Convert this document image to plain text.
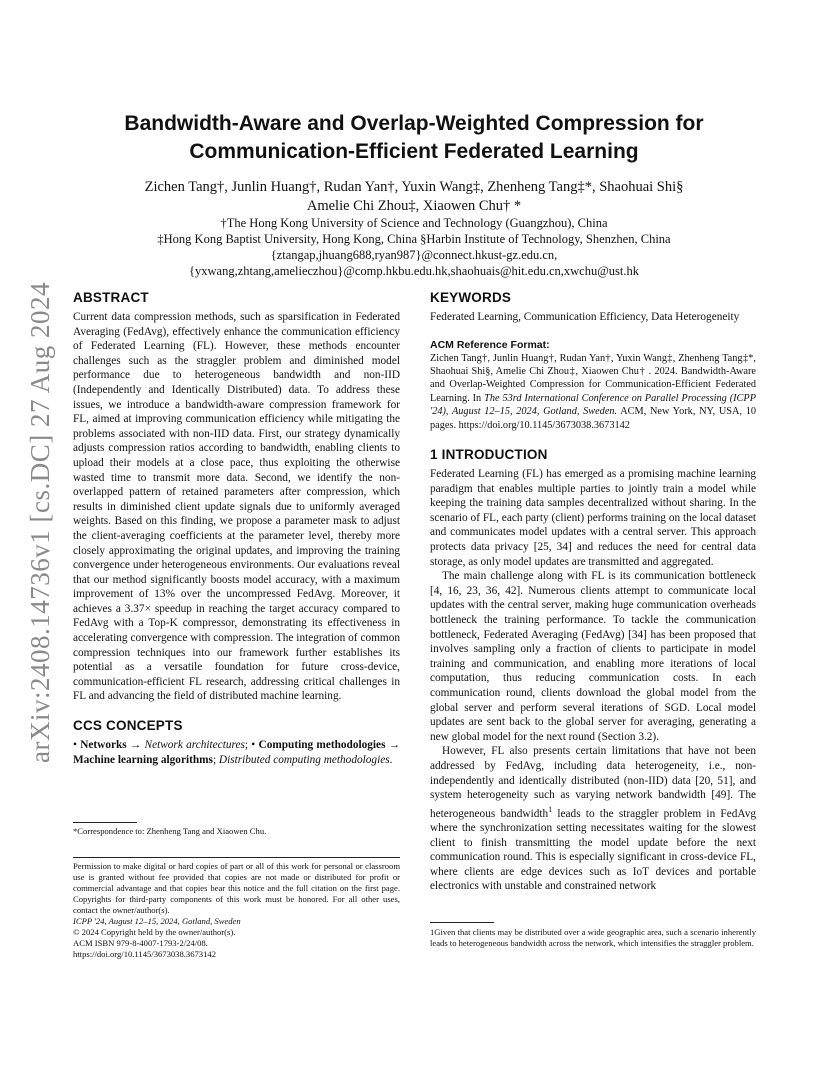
arXiv:2408.14736v1 [cs.DC] 27 Aug 2024
Bandwidth-Aware and Overlap-Weighted Compression for
Communication-Efficient Federated Learning
Zichen Tang†, Junlin Huang†, Rudan Yan†, Yuxin Wang‡, Zhenheng Tang‡*, Shaohuai Shi§
Amelie Chi Zhou‡, Xiaowen Chu† *
†The Hong Kong University of Science and Technology (Guangzhou), China
‡Hong Kong Baptist University, Hong Kong, China §Harbin Institute of Technology, Shenzhen, China
{ztangap,jhuang688,ryan987}@connect.hkust-gz.edu.cn,
{yxwang,zhtang,amelieczhou}@comp.hkbu.edu.hk,shaohuais@hit.edu.cn,xwchu@ust.hk
ABSTRACT

Current data compression methods, such as sparsification in Federated Averaging (FedAvg), effectively enhance the communication efficiency of Federated Learning (FL). However, these methods encounter challenges such as the straggler problem and diminished model performance due to heterogeneous bandwidth and non-IID (Independently and Identically Distributed) data. To address these issues, we introduce a bandwidth-aware compression framework for FL, aimed at improving communication efficiency while mitigating the problems associated with non-IID data. First, our strategy dynamically adjusts compression ratios according to bandwidth, enabling clients to upload their models at a close pace, thus exploiting the otherwise wasted time to transmit more data. Second, we identify the non-overlapped pattern of retained parameters after compression, which results in diminished client update signals due to uniformly averaged weights. Based on this finding, we propose a parameter mask to adjust the client-averaging coefficients at the parameter level, thereby more closely approximating the original updates, and improving the training convergence under heterogeneous environments. Our evaluations reveal that our method significantly boosts model accuracy, with a maximum improvement of 13% over the uncompressed FedAvg. Moreover, it achieves a 3.37× speedup in reaching the target accuracy compared to FedAvg with a Top-K compressor, demonstrating its effectiveness in accelerating convergence with compression. The integration of common compression techniques into our framework further establishes its potential as a versatile foundation for future cross-device, communication-efficient FL research, addressing critical challenges in FL and advancing the field of distributed machine learning.

CCS CONCEPTS

• Networks → Network architectures; • Computing methodologies → Machine learning algorithms; Distributed computing methodologies.

*Correspondence to: Zhenheng Tang and Xiaowen Chu.
Permission to make digital or hard copies of part or all of this work for personal or classroom use is granted without fee provided that copies are not made or distributed for profit or commercial advantage and that copies bear this notice and the full citation on the first page. Copyrights for third-party components of this work must be honored. For all other uses, contact the owner/author(s).
ICPP '24, August 12–15, 2024, Gotland, Sweden
© 2024 Copyright held by the owner/author(s).
ACM ISBN 979-8-4007-1793-2/24/08.
https://doi.org/10.1145/3673038.3673142
KEYWORDS

Federated Learning, Communication Efficiency, Data Heterogeneity

ACM Reference Format:

Zichen Tang†, Junlin Huang†, Rudan Yan†, Yuxin Wang‡, Zhenheng Tang‡*, Shaohuai Shi§, Amelie Chi Zhou‡, Xiaowen Chu† . 2024. Bandwidth-Aware and Overlap-Weighted Compression for Communication-Efficient Federated Learning. In The 53rd International Conference on Parallel Processing (ICPP '24), August 12–15, 2024, Gotland, Sweden. ACM, New York, NY, USA, 10 pages. https://doi.org/10.1145/3673038.3673142

1 INTRODUCTION

Federated Learning (FL) has emerged as a promising machine learning paradigm that enables multiple parties to jointly train a model while keeping the training data samples decentralized without sharing. In the scenario of FL, each party (client) performs training on the local dataset and communicates model updates with a central server. This approach protects data privacy [25, 34] and reduces the need for central data storage, as only model updates are transmitted and aggregated.

The main challenge along with FL is its communication bottleneck [4, 16, 23, 36, 42]. Numerous clients attempt to communicate local updates with the central server, making huge communication overheads bottleneck the training performance. To tackle the communication bottleneck, Federated Averaging (FedAvg) [34] has been proposed that involves sampling only a fraction of clients to participate in model training and communication, and enabling more iterations of local computation, thus reducing communication costs. In each communication round, clients download the global model from the global server and perform several iterations of SGD. Local model updates are sent back to the global server for averaging, generating a new global model for the next round (Section 3.2).

However, FL also presents certain limitations that have not been addressed by FedAvg, including data heterogeneity, i.e., non-independently and identically distributed (non-IID) data [20, 51], and system heterogeneity such as varying network bandwidth [49]. The heterogeneous bandwidth$^1$ leads to the straggler problem in FedAvg where the synchronization setting necessitates waiting for the slowest client to finish transmitting the model update before the next communication round. This is especially significant in cross-device FL, where clients are edge devices such as IoT devices and portable electronics with unstable and constrained network

1Given that clients may be distributed over a wide geographic area, such a scenario inherently leads to heterogeneous bandwidth across the network, which intensifies the straggler problem.
